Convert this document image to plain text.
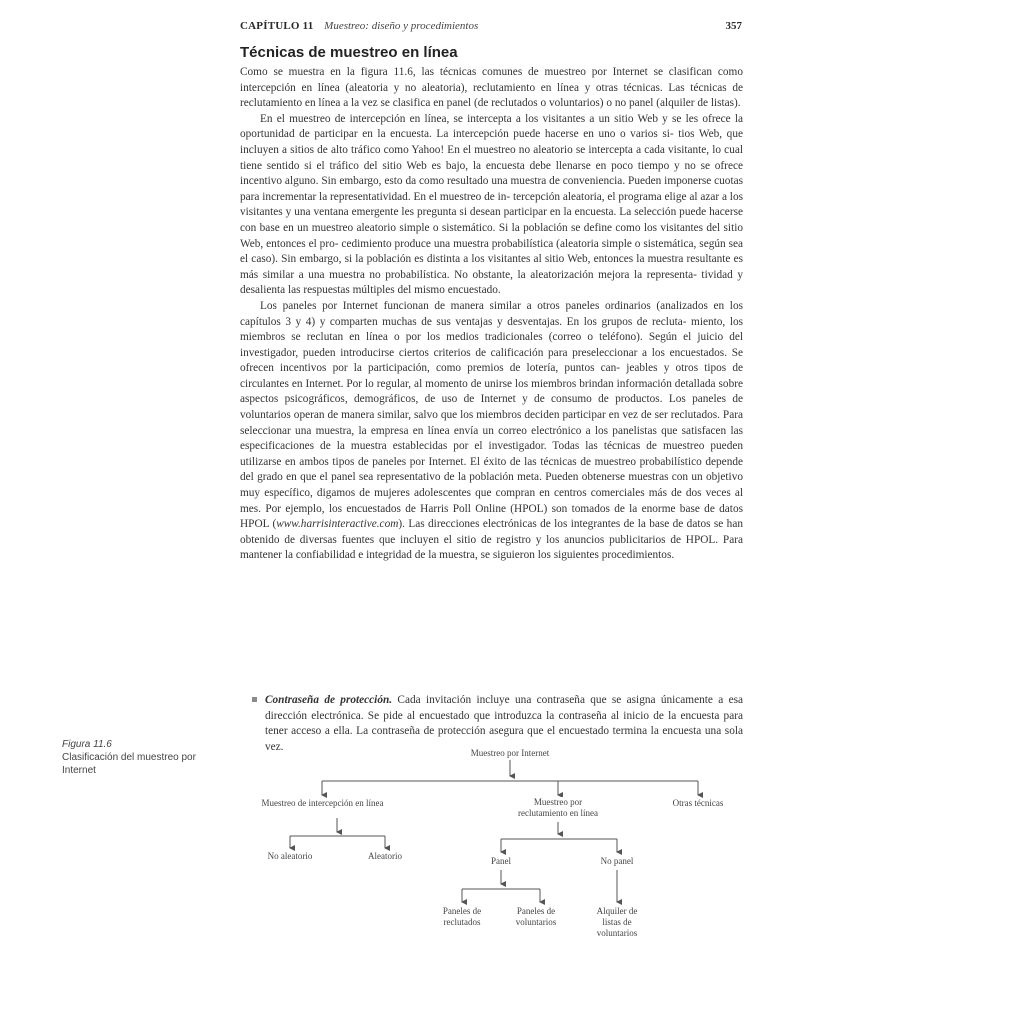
CAPÍTULO 11 Muestreo: diseño y procedimientos	357
Técnicas de muestreo en línea

Como se muestra en la figura 11.6, las técnicas comunes de muestreo por Internet se clasifican como intercepción en línea (aleatoria y no aleatoria), reclutamiento en línea y otras técnicas. Las técnicas de reclutamiento en línea a la vez se clasifica en panel (de reclutados o voluntarios) o no panel (alquiler de listas).

En el muestreo de intercepción en línea, se intercepta a los visitantes a un sitio Web y se les ofrece la oportunidad de participar en la encuesta. La intercepción puede hacerse en uno o varios si- tios Web, que incluyen a sitios de alto tráfico como Yahoo! En el muestreo no aleatorio se intercepta a cada visitante, lo cual tiene sentido si el tráfico del sitio Web es bajo, la encuesta debe llenarse en poco tiempo y no se ofrece incentivo alguno. Sin embargo, esto da como resultado una muestra de conveniencia. Pueden imponerse cuotas para incrementar la representatividad. En el muestreo de in- tercepción aleatoria, el programa elige al azar a los visitantes y una ventana emergente les pregunta si desean participar en la encuesta. La selección puede hacerse con base en un muestreo aleatorio simple o sistemático. Si la población se define como los visitantes del sitio Web, entonces el pro- cedimiento produce una muestra probabilística (aleatoria simple o sistemática, según sea el caso). Sin embargo, si la población es distinta a los visitantes al sitio Web, entonces la muestra resultante es más similar a una muestra no probabilística. No obstante, la aleatorización mejora la representa- tividad y desalienta las respuestas múltiples del mismo encuestado.

Los paneles por Internet funcionan de manera similar a otros paneles ordinarios (analizados en los capítulos 3 y 4) y comparten muchas de sus ventajas y desventajas. En los grupos de recluta- miento, los miembros se reclutan en línea o por los medios tradicionales (correo o teléfono). Según el juicio del investigador, pueden introducirse ciertos criterios de calificación para preseleccionar a los encuestados. Se ofrecen incentivos por la participación, como premios de lotería, puntos can- jeables y otros tipos de circulantes en Internet. Por lo regular, al momento de unirse los miembros brindan información detallada sobre aspectos psicográficos, demográficos, de uso de Internet y de consumo de productos. Los paneles de voluntarios operan de manera similar, salvo que los miembros deciden participar en vez de ser reclutados. Para seleccionar una muestra, la empresa en línea envía un correo electrónico a los panelistas que satisfacen las especificaciones de la muestra establecidas por el investigador. Todas las técnicas de muestreo pueden utilizarse en ambos tipos de paneles por Internet. El éxito de las técnicas de muestreo probabilístico depende del grado en que el panel sea representativo de la población meta. Pueden obtenerse muestras con un objetivo muy específico, digamos de mujeres adolescentes que compran en centros comerciales más de dos veces al mes. Por ejemplo, los encuestados de Harris Poll Online (HPOL) son tomados de la enorme base de datos HPOL (www.harrisinteractive.com). Las direcciones electrónicas de los integrantes de la base de datos se han obtenido de diversas fuentes que incluyen el sitio de registro y los anuncios publicitarios de HPOL. Para mantener la confiabilidad e integridad de la muestra, se siguieron los siguientes procedimientos.

Contraseña de protección. Cada invitación incluye una contraseña que se asigna únicamente a esa dirección electrónica. Se pide al encuestado que introduzca la contraseña al inicio de la encuesta para tener acceso a ella. La contraseña de protección asegura que el encuestado termina la encuesta una sola vez.
Figura 11.6
Clasificación del muestreo por Internet
Muestreo por Internet
Muestreo de intercepción en línea	Muestreo por reclutamiento en línea
Otras técnicas
No aleatorio	Aleatorio	Panel	No panel
Paneles de reclutados
Paneles de voluntarios
Alquiler de listas de voluntarios
